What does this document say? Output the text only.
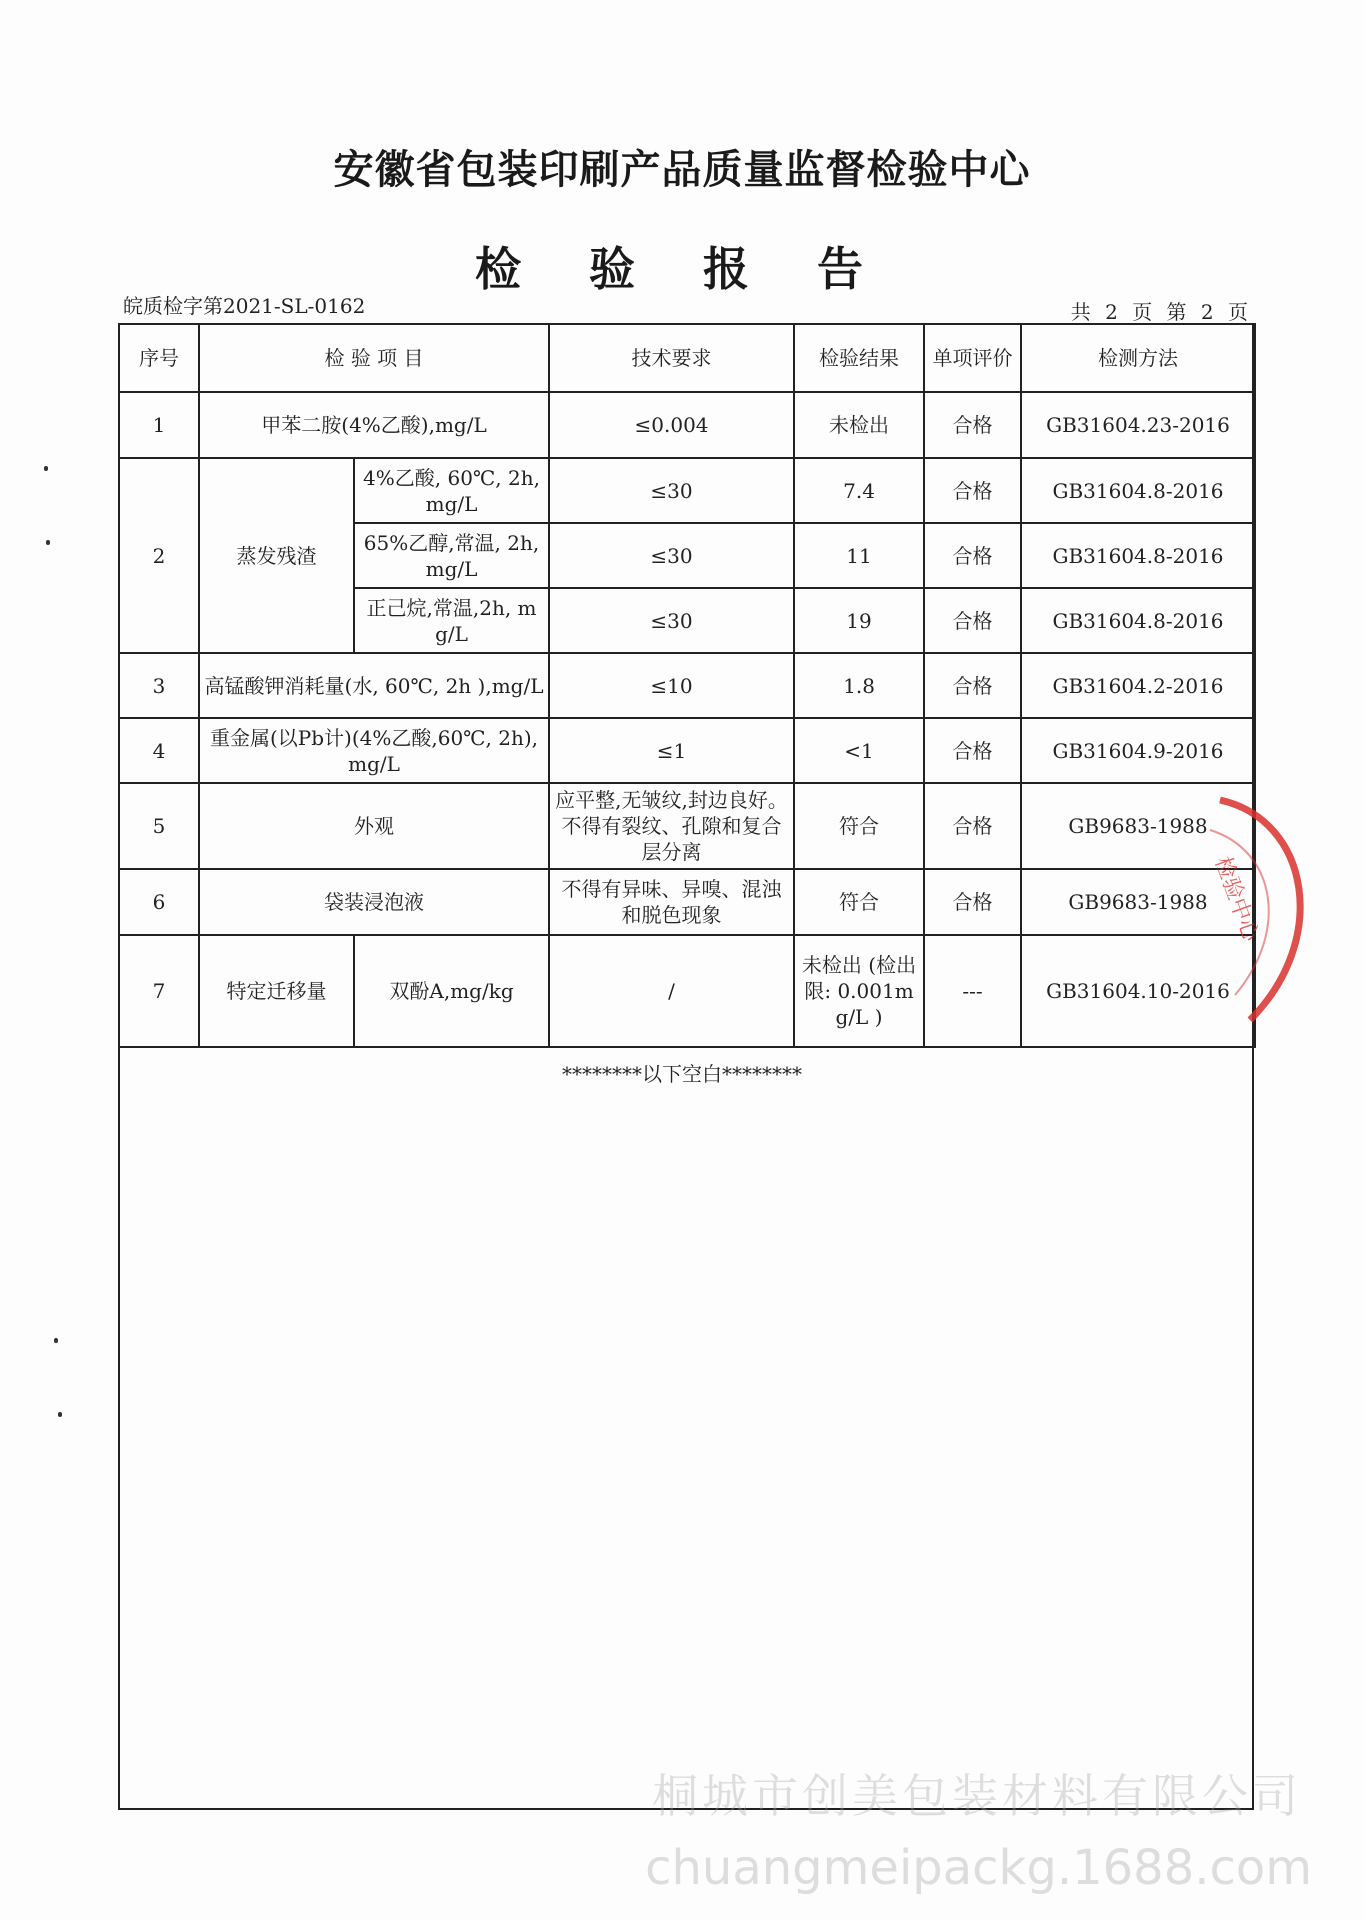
安徽省包装印刷产品质量监督检验中心
检 验 报 告
皖质检字第2021-SL-0162	共 2 页 第 2 页
序号	检 验 项 目		技术要求	检验结果	单项评价	检测方法
1	甲苯二胺(4%乙酸),mg/L		≤0.004	未检出	合格	GB31604.23-2016
2	蒸发残渣	4%乙酸, 60℃, 2h,mg/L	≤30	7.4	合格	GB31604.8-2016
		65%乙醇,常温, 2h,mg/L	≤30	11	合格	GB31604.8-2016
		正己烷,常温,2h, mg/L	≤30	19	合格	GB31604.8-2016
3	高锰酸钾消耗量(水, 60℃, 2h ),mg/L		≤10	1.8	合格	GB31604.2-2016
4	重金属(以Pb计)(4%乙酸,60℃, 2h),mg/L		≤1	<1	合格	GB31604.9-2016
5	外观		应平整,无皱纹,封边良好。不得有裂纹、孔隙和复合层分离	符合	合格	GB9683-1988
6	袋装浸泡液		不得有异味、异嗅、混浊和脱色现象	符合	合格	GB9683-1988
7	特定迁移量	双酚A,mg/kg	/	未检出 (检出限: 0.001mg/L )	---	GB31604.10-2016
********以下空白********
检验中心
桐城市创美包装材料有限公司
chuangmeipackg.1688.com
